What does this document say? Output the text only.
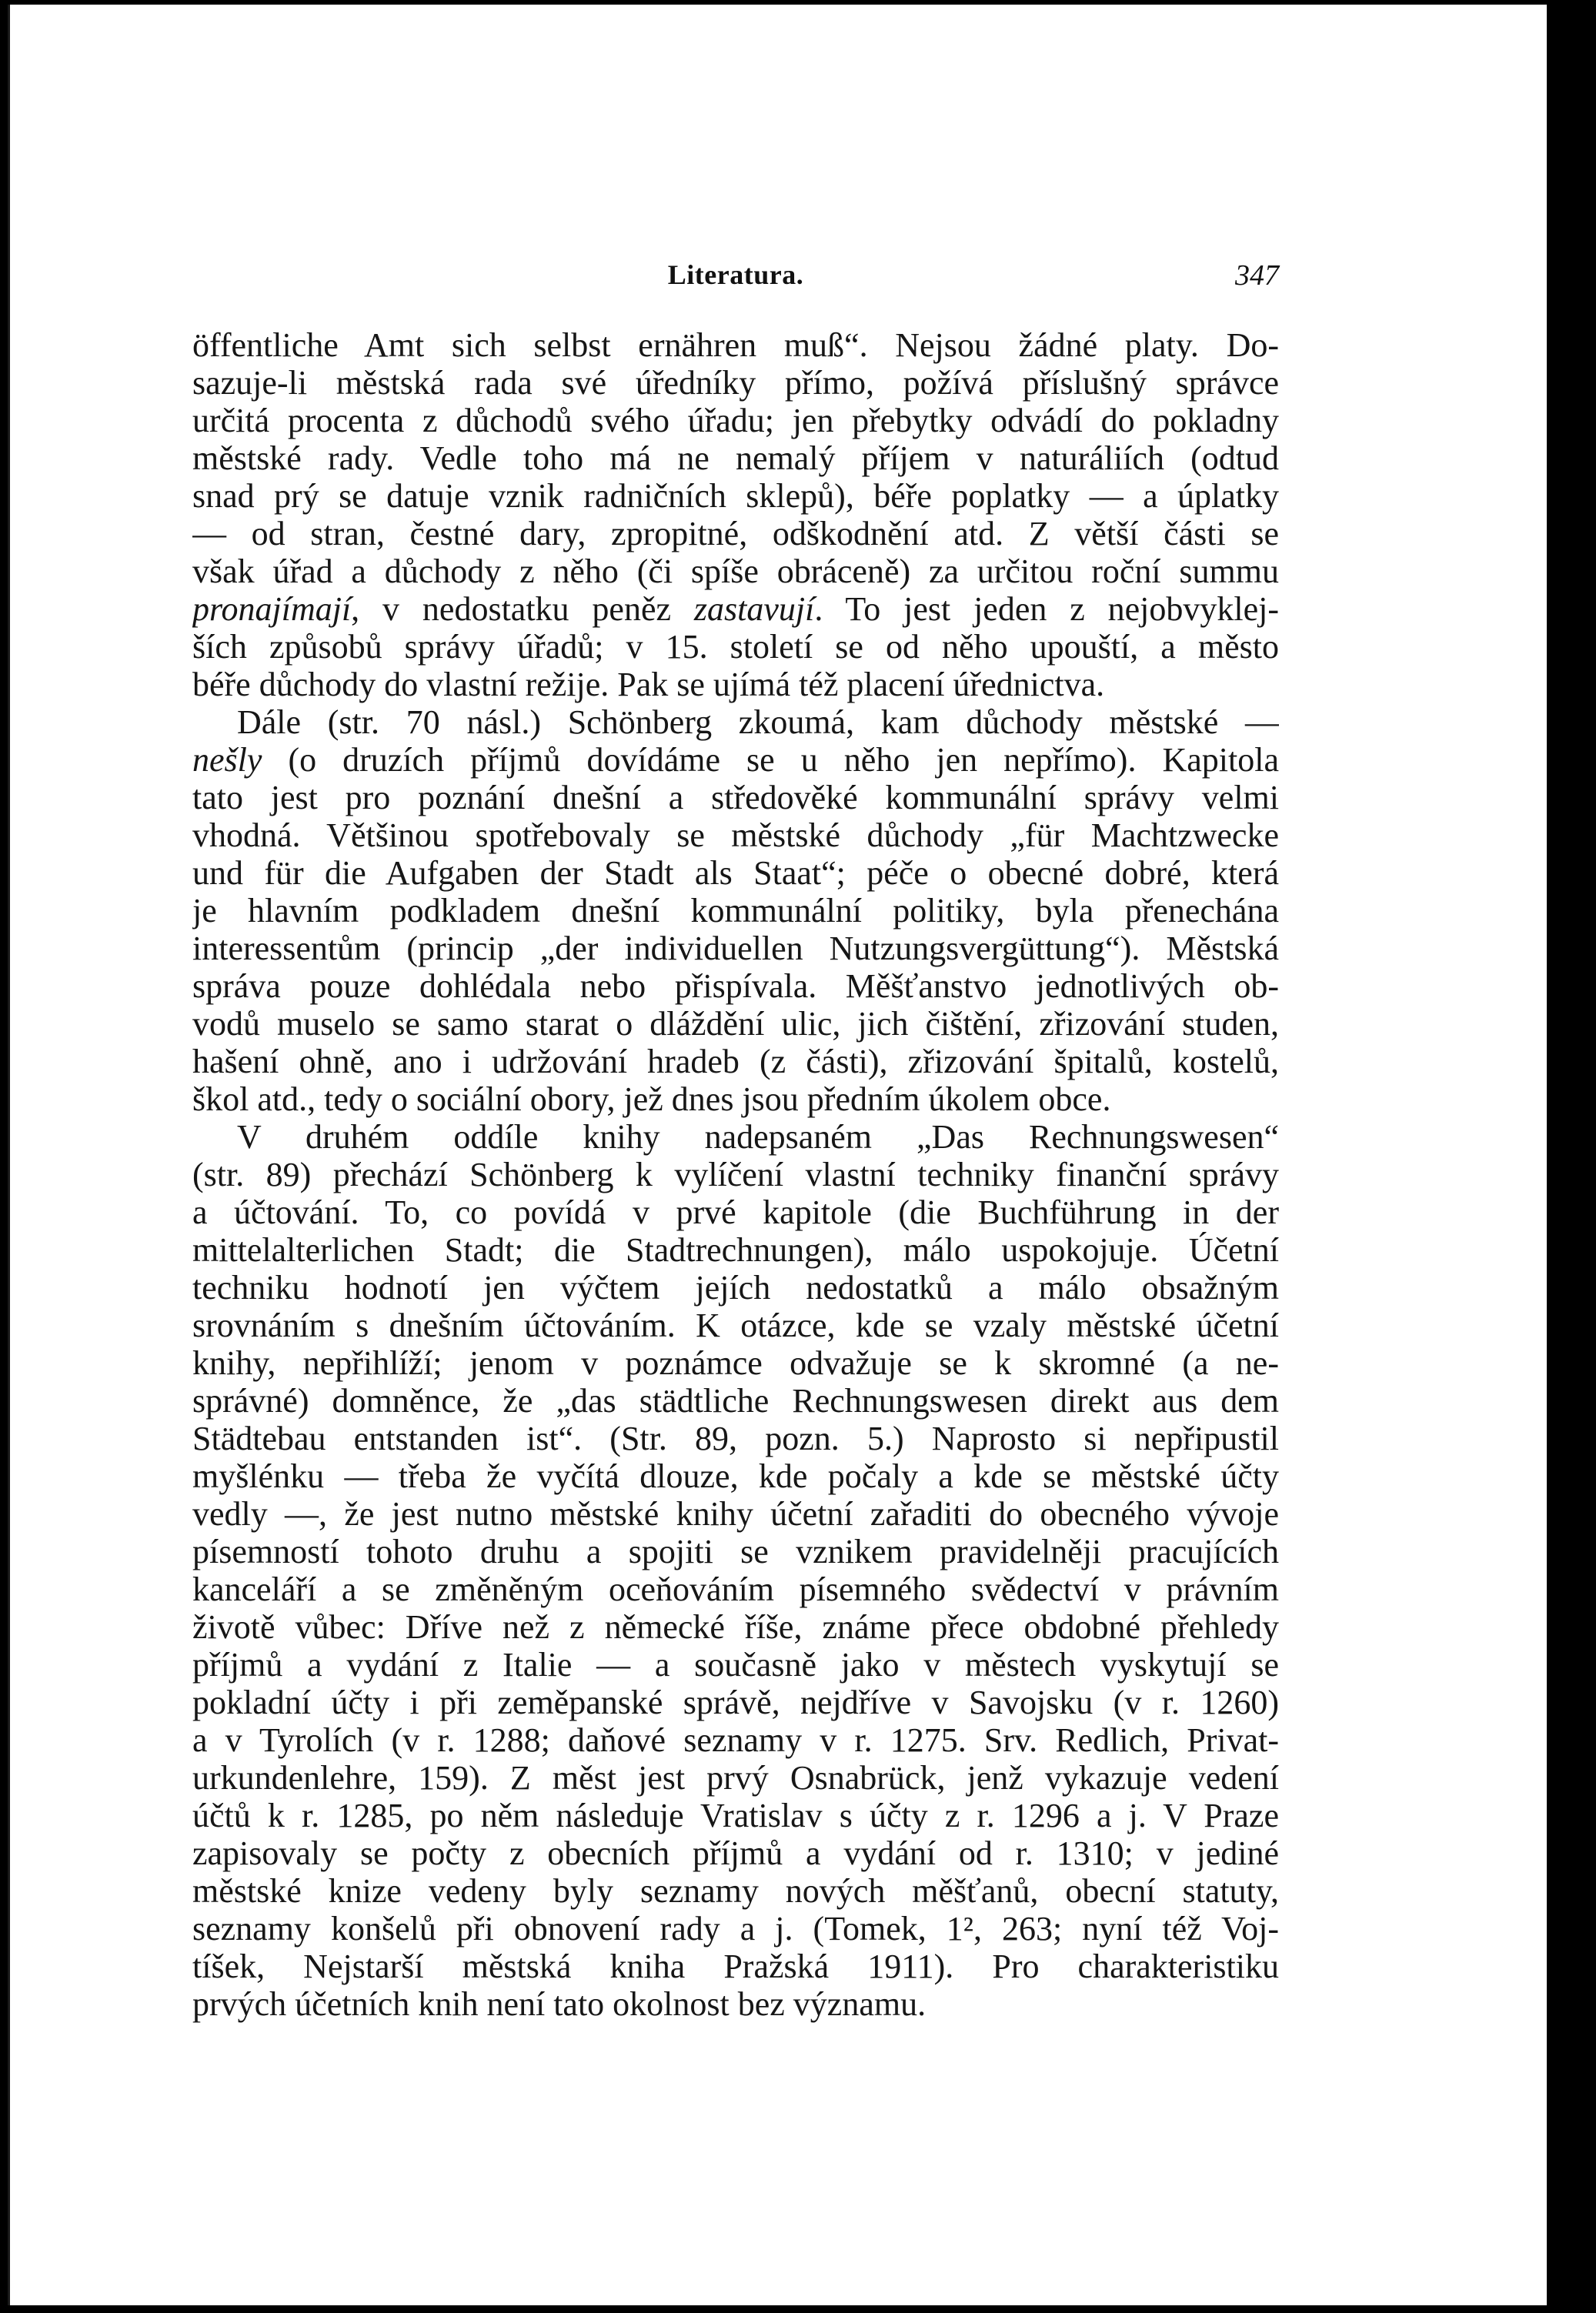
Literatura.	347
öffentliche Amt sich selbst ernähren muß“. Nejsou žádné platy. Do-
sazuje-li městská rada své úředníky přímo, požívá příslušný správce
určitá procenta z důchodů svého úřadu; jen přebytky odvádí do pokladny
městské rady. Vedle toho má ne nemalý příjem v naturáliích (odtud
snad prý se datuje vznik radničních sklepů), béře poplatky — a úplatky
— od stran, čestné dary, zpropitné, odškodnění atd. Z větší části se
však úřad a důchody z něho (či spíše obráceně) za určitou roční summu
pronajímají, v nedostatku peněz zastavují. To jest jeden z nejobvyklej-
ších způsobů správy úřadů; v 15. století se od něho upouští, a město
béře důchody do vlastní režije. Pak se ujímá též placení úřednictva.
Dále (str. 70 násl.) Schönberg zkoumá, kam důchody městské —
nešly (o druzích příjmů dovídáme se u něho jen nepřímo). Kapitola
tato jest pro poznání dnešní a středověké kommunální správy velmi
vhodná. Většinou spotřebovaly se městské důchody „für Machtzwecke
und für die Aufgaben der Stadt als Staat“; péče o obecné dobré, která
je hlavním podkladem dnešní kommunální politiky, byla přenechána
interessentům (princip „der individuellen Nutzungsvergüttung“). Městská
správa pouze dohlédala nebo přispívala. Měšťanstvo jednotlivých ob-
vodů muselo se samo starat o dláždění ulic, jich čištění, zřizování studen,
hašení ohně, ano i udržování hradeb (z části), zřizování špitalů, kostelů,
škol atd., tedy o sociální obory, jež dnes jsou předním úkolem obce.
V druhém oddíle knihy nadepsaném „Das Rechnungswesen“
(str. 89) přechází Schönberg k vylíčení vlastní techniky finanční správy
a účtování. To, co povídá v prvé kapitole (die Buchführung in der
mittelalterlichen Stadt; die Stadtrechnungen), málo uspokojuje. Účetní
techniku hodnotí jen výčtem jejích nedostatků a málo obsažným
srovnáním s dnešním účtováním. K otázce, kde se vzaly městské účetní
knihy, nepřihlíží; jenom v poznámce odvažuje se k skromné (a ne-
správné) domněnce, že „das städtliche Rechnungswesen direkt aus dem
Städtebau entstanden ist“. (Str. 89, pozn. 5.) Naprosto si nepřipustil
myšlénku — třeba že vyčítá dlouze, kde počaly a kde se městské účty
vedly —, že jest nutno městské knihy účetní zařaditi do obecného vývoje
písemností tohoto druhu a spojiti se vznikem pravidelněji pracujících
kanceláří a se změněným oceňováním písemného svědectví v právním
životě vůbec: Dříve než z německé říše, známe přece obdobné přehledy
příjmů a vydání z Italie — a současně jako v městech vyskytují se
pokladní účty i při zeměpanské správě, nejdříve v Savojsku (v r. 1260)
a v Tyrolích (v r. 1288; daňové seznamy v r. 1275. Srv. Redlich, Privat-
urkundenlehre, 159). Z měst jest prvý Osnabrück, jenž vykazuje vedení
účtů k r. 1285, po něm následuje Vratislav s účty z r. 1296 a j. V Praze
zapisovaly se počty z obecních příjmů a vydání od r. 1310; v jediné
městské knize vedeny byly seznamy nových měšťanů, obecní statuty,
seznamy konšelů při obnovení rady a j. (Tomek, 1², 263; nyní též Voj-
tíšek, Nejstarší městská kniha Pražská 1911). Pro charakteristiku
prvých účetních knih není tato okolnost bez významu.
